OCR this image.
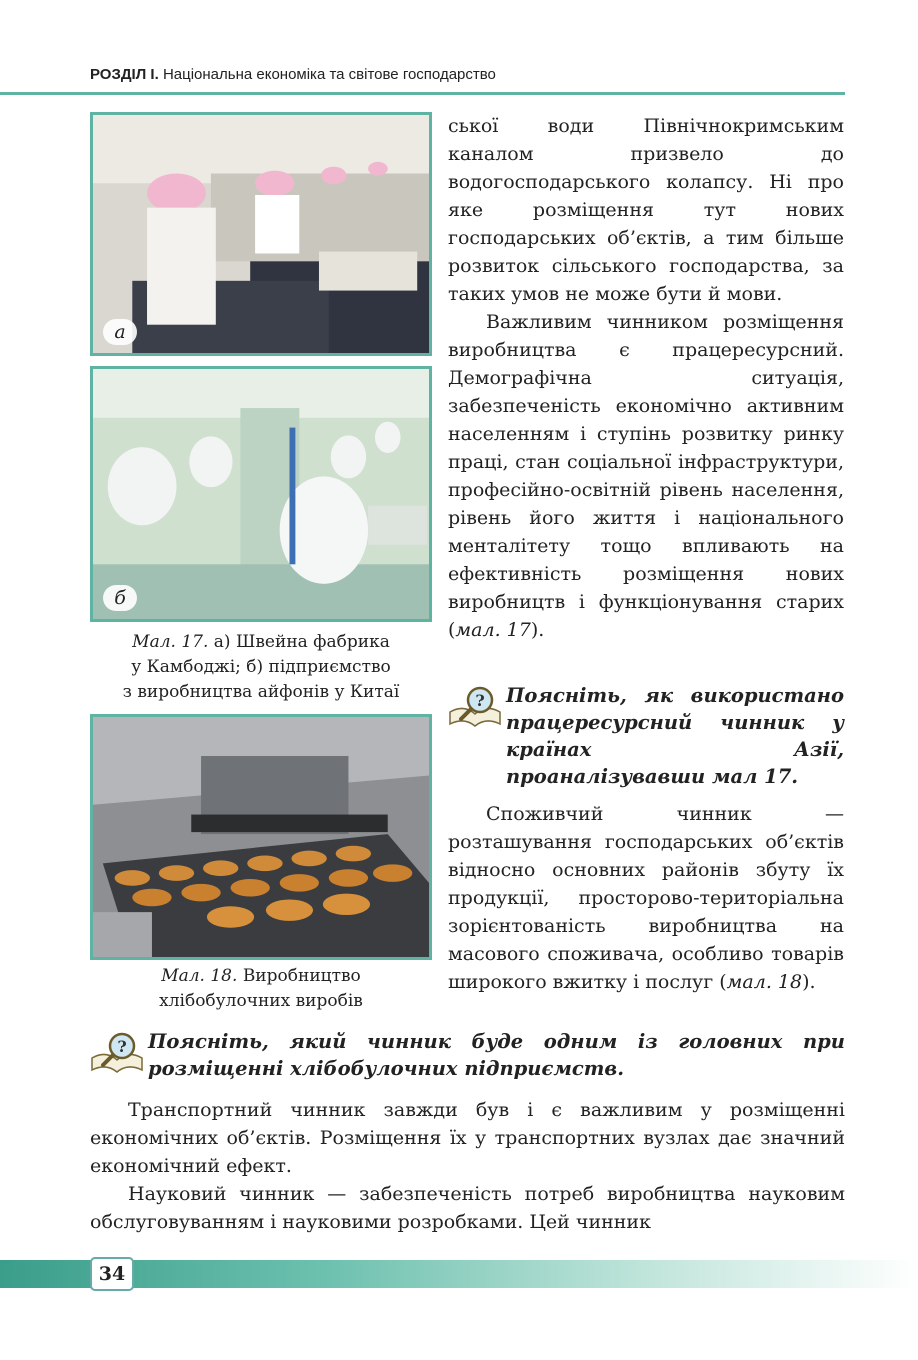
РОЗДІЛ І. Національна економіка та світове господарство
а
б
Мал. 17. а) Швейна фабрика
у Камбоджі; б) підприємство
з виробництва айфонів у Китаї
Мал. 18. Виробництво
хлібобулочних виробів

ської води Північнокримським каналом призвело до водогосподарського колапсу. Ні про яке розміщення тут нових господарських об’єктів, а тим більше розвиток сільського господарства, за таких умов не може бути й мови.

Важливим чинником розміщення виробництва є працересурсний. Демографічна ситуація, забезпеченість економічно активним населенням і ступінь розвитку ринку праці, стан соціальної інфраструктури, професійно-освітній рівень населення, рівень його життя і національного менталітету тощо впливають на ефективність розміщення нових виробництв і функціонування старих (мал. 17).

? Поясніть, як використано працересурсний чинник у країнах Азії, проаналізувавши мал 17.

Споживчий чинник — розташування господарських об’єктів відносно основних районів збуту їх продукції, просторово-територіальна зорієнтованість виробництва на масового споживача, особливо товарів широкого вжитку і послуг (мал. 18).

? Поясніть, який чинник буде одним із головних при розміщенні хлібобулочних підприємств.

Транспортний чинник завжди був і є важливим у розміщенні економічних об’єктів. Розміщення їх у транспортних вузлах дає значний економічний ефект.

Науковий чинник — забезпеченість потреб виробництва науковим обслуговуванням і науковими розробками. Цей чинник

34
